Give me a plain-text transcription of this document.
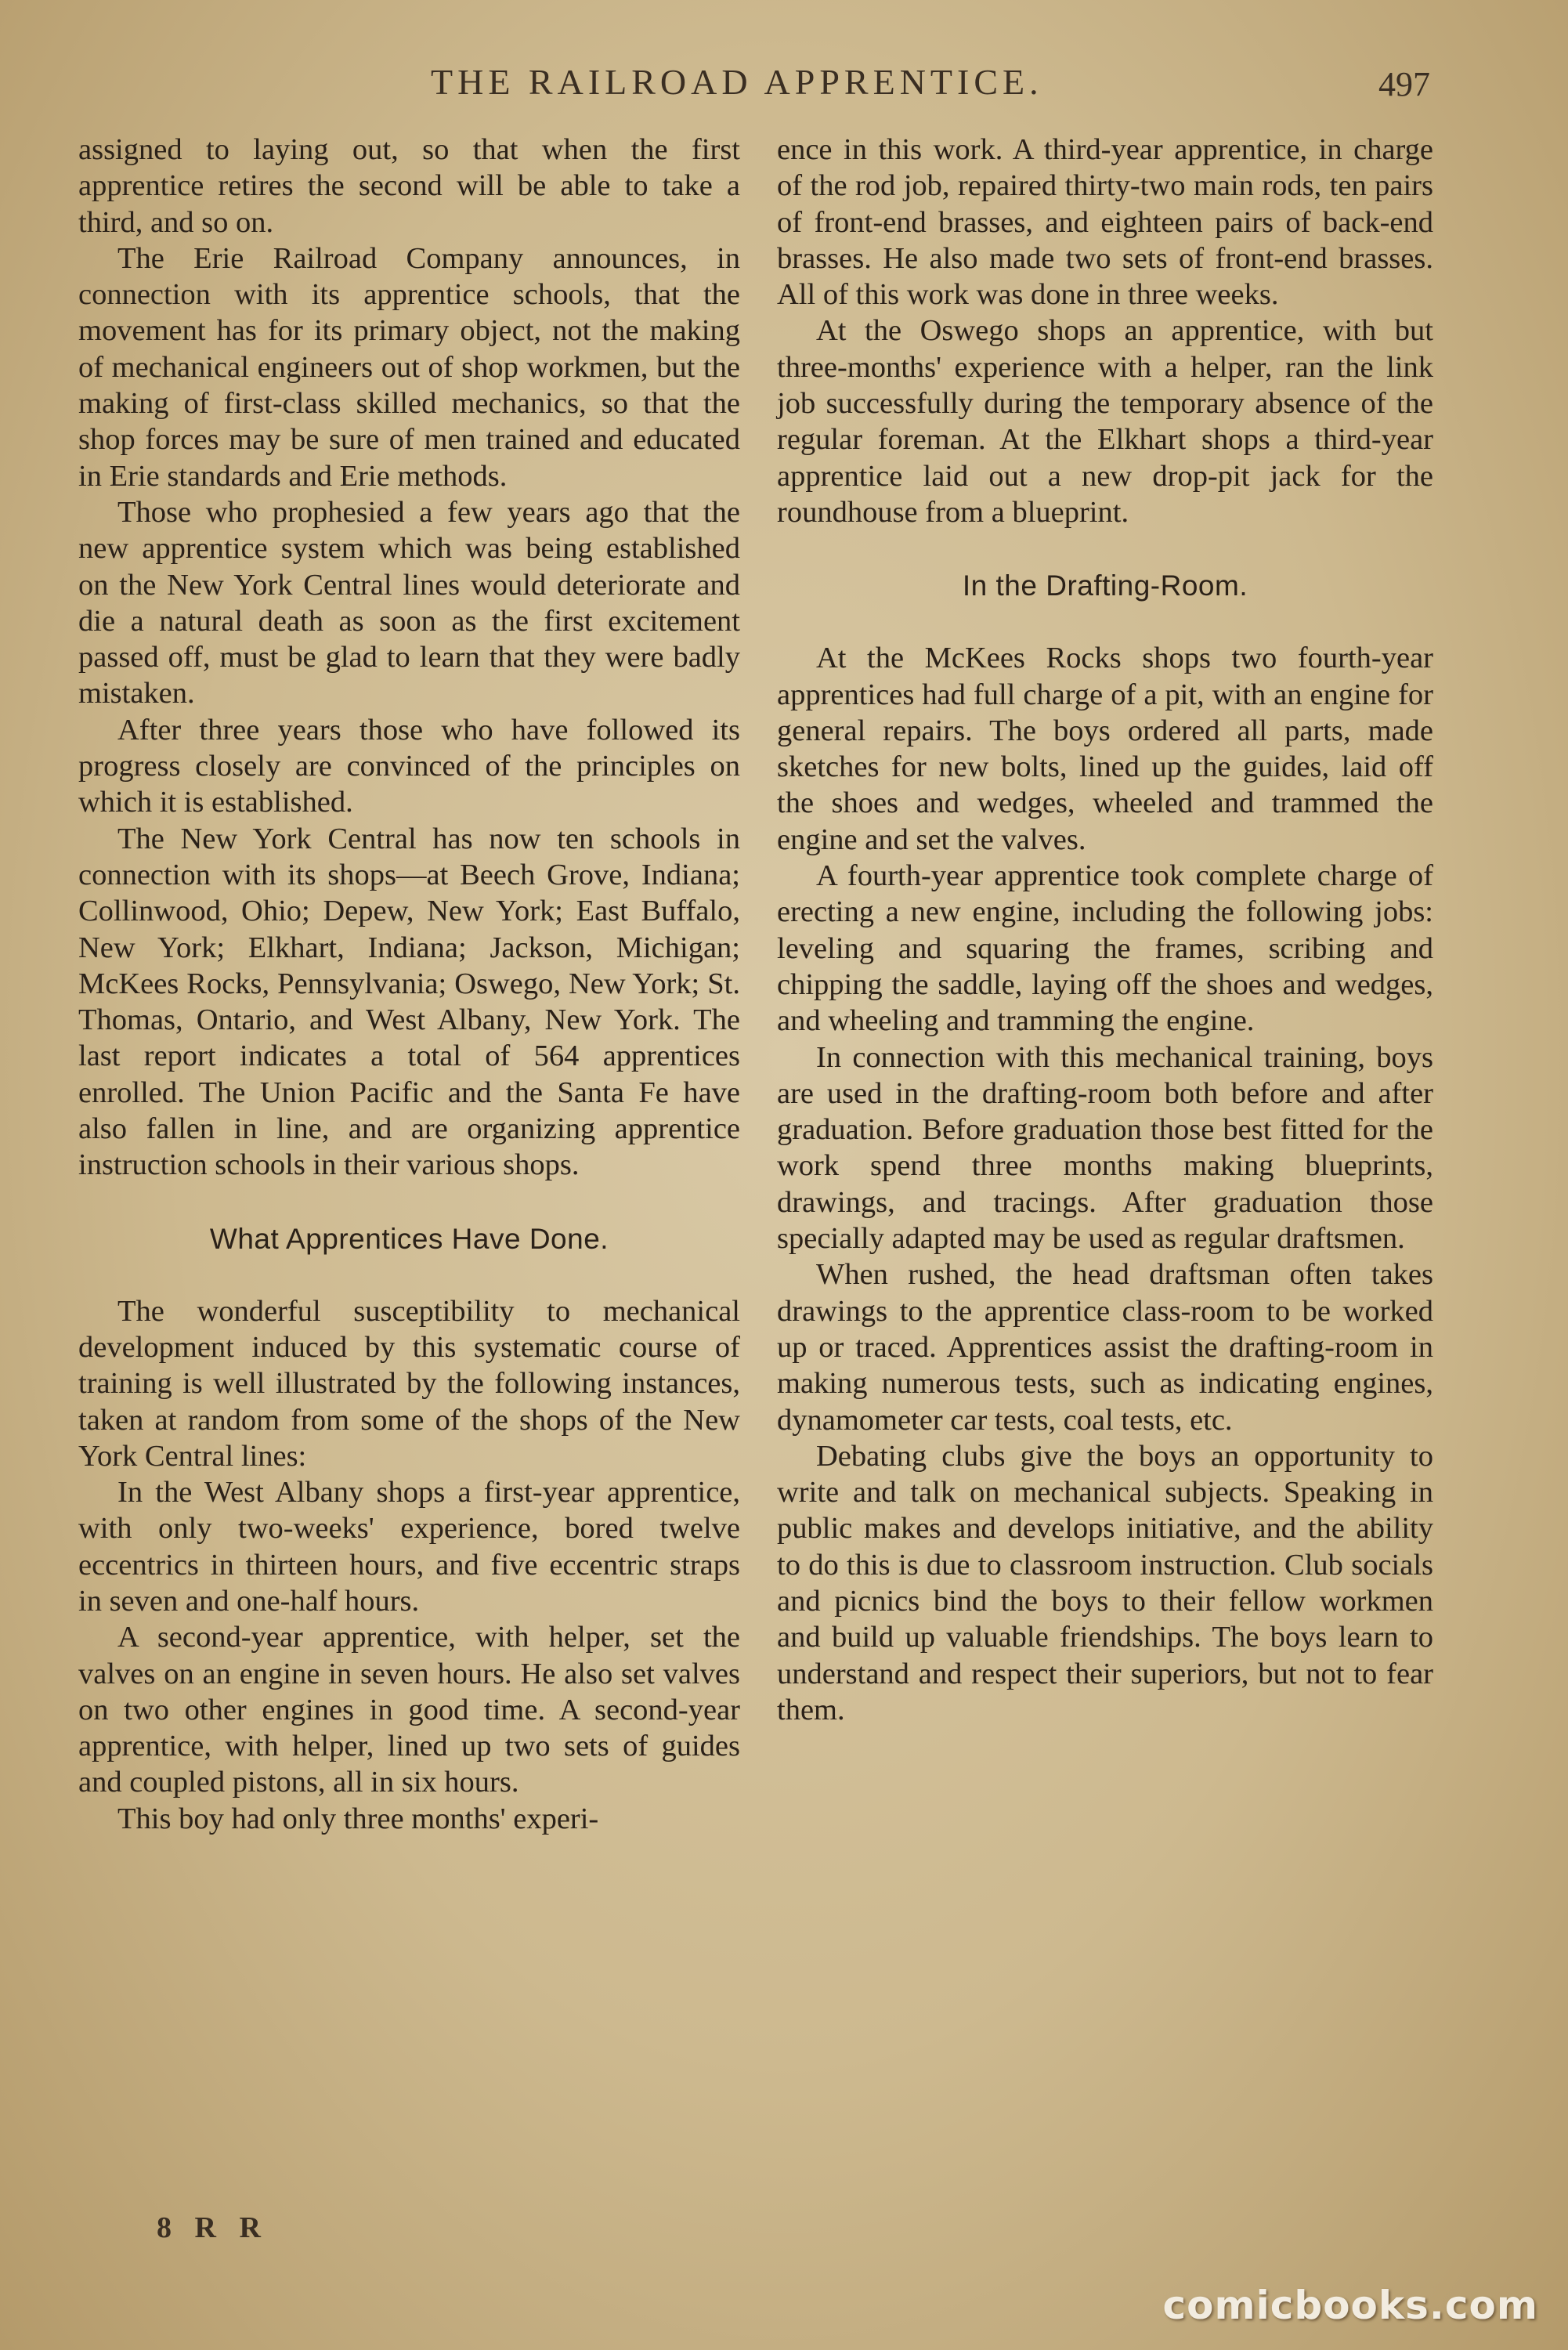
THE RAILROAD APPRENTICE.	497

assigned to laying out, so that when the first apprentice retires the second will be able to take a third, and so on.

The Erie Railroad Company announces, in connection with its apprentice schools, that the movement has for its primary object, not the making of mechanical engineers out of shop workmen, but the making of first-class skilled mechanics, so that the shop forces may be sure of men trained and educated in Erie standards and Erie methods.

Those who prophesied a few years ago that the new apprentice system which was being established on the New York Central lines would deteriorate and die a natural death as soon as the first excitement passed off, must be glad to learn that they were badly mistaken.

After three years those who have followed its progress closely are convinced of the principles on which it is established.

The New York Central has now ten schools in connection with its shops—at Beech Grove, Indiana; Collinwood, Ohio; Depew, New York; East Buffalo, New York; Elkhart, Indiana; Jackson, Michigan; McKees Rocks, Pennsylvania; Oswego, New York; St. Thomas, Ontario, and West Albany, New York. The last report indicates a total of 564 apprentices enrolled. The Union Pacific and the Santa Fe have also fallen in line, and are organizing apprentice instruction schools in their various shops.

What Apprentices Have Done.

The wonderful susceptibility to mechanical development induced by this systematic course of training is well illustrated by the following instances, taken at random from some of the shops of the New York Central lines:

In the West Albany shops a first-year apprentice, with only two-weeks' experience, bored twelve eccentrics in thirteen hours, and five eccentric straps in seven and one-half hours.

A second-year apprentice, with helper, set the valves on an engine in seven hours. He also set valves on two other engines in good time. A second-year apprentice, with helper, lined up two sets of guides and coupled pistons, all in six hours.

This boy had only three months' experi-

ence in this work. A third-year apprentice, in charge of the rod job, repaired thirty-two main rods, ten pairs of front-end brasses, and eighteen pairs of back-end brasses. He also made two sets of front-end brasses. All of this work was done in three weeks.

At the Oswego shops an apprentice, with but three-months' experience with a helper, ran the link job successfully during the temporary absence of the regular foreman. At the Elkhart shops a third-year apprentice laid out a new drop-pit jack for the roundhouse from a blueprint.

In the Drafting-Room.

At the McKees Rocks shops two fourth-year apprentices had full charge of a pit, with an engine for general repairs. The boys ordered all parts, made sketches for new bolts, lined up the guides, laid off the shoes and wedges, wheeled and trammed the engine and set the valves.

A fourth-year apprentice took complete charge of erecting a new engine, including the following jobs: leveling and squaring the frames, scribing and chipping the saddle, laying off the shoes and wedges, and wheeling and tramming the engine.

In connection with this mechanical training, boys are used in the drafting-room both before and after graduation. Before graduation those best fitted for the work spend three months making blueprints, drawings, and tracings. After graduation those specially adapted may be used as regular draftsmen.

When rushed, the head draftsman often takes drawings to the apprentice class-room to be worked up or traced. Apprentices assist the drafting-room in making numerous tests, such as indicating engines, dynamometer car tests, coal tests, etc.

Debating clubs give the boys an opportunity to write and talk on mechanical subjects. Speaking in public makes and develops initiative, and the ability to do this is due to classroom instruction. Club socials and picnics bind the boys to their fellow workmen and build up valuable friendships. The boys learn to understand and respect their superiors, but not to fear them.

8 R R
comicbooks.com
